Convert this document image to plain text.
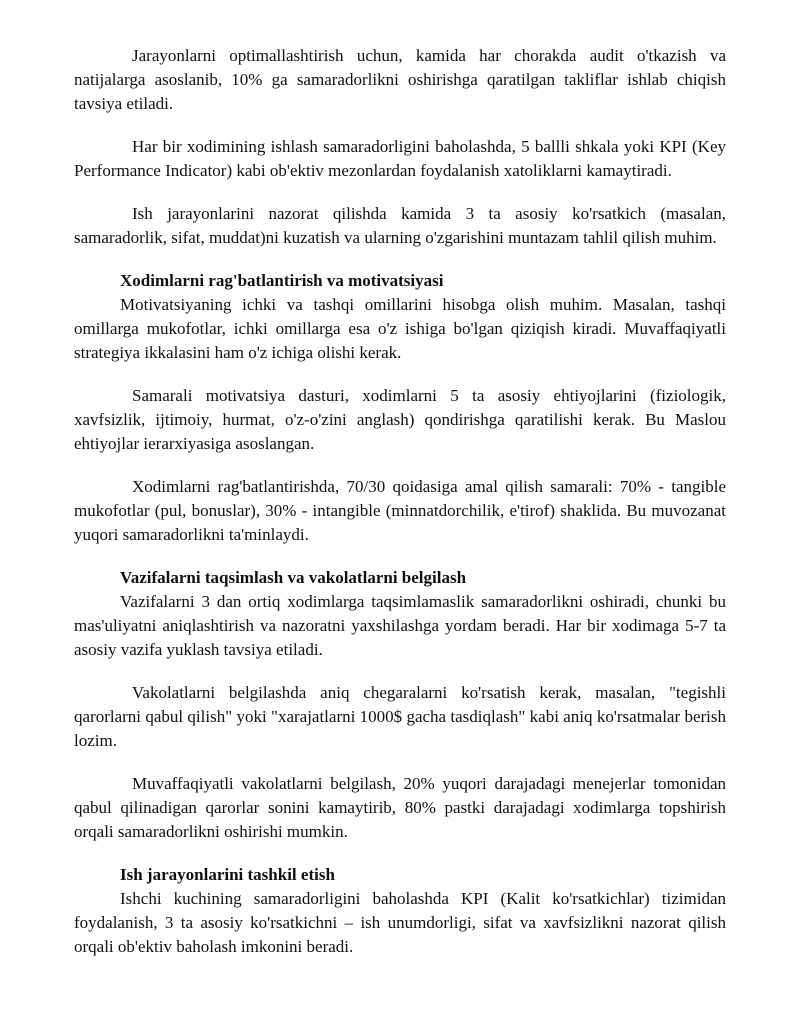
Jarayonlarni optimallashtirish uchun, kamida har chorakda audit o'tkazish va natijalarga asoslanib, 10% ga samaradorlikni oshirishga qaratilgan takliflar ishlab chiqish tavsiya etiladi.

Har bir xodimining ishlash samaradorligini baholashda, 5 ballli shkala yoki KPI (Key Performance Indicator) kabi ob'ektiv mezonlardan foydalanish xatoliklarni kamaytiradi.

Ish jarayonlarini nazorat qilishda kamida 3 ta asosiy ko'rsatkich (masalan, samaradorlik, sifat, muddat)ni kuzatish va ularning o'zgarishini muntazam tahlil qilish muhim.

Xodimlarni rag'batlantirish va motivatsiyasi

Motivatsiyaning ichki va tashqi omillarini hisobga olish muhim. Masalan, tashqi omillarga mukofotlar, ichki omillarga esa o'z ishiga bo'lgan qiziqish kiradi. Muvaffaqiyatli strategiya ikkalasini ham o'z ichiga olishi kerak.

Samarali motivatsiya dasturi, xodimlarni 5 ta asosiy ehtiyojlarini (fiziologik, xavfsizlik, ijtimoiy, hurmat, o'z-o'zini anglash) qondirishga qaratilishi kerak. Bu Maslou ehtiyojlar ierarxiyasiga asoslangan.

Xodimlarni rag'batlantirishda, 70/30 qoidasiga amal qilish samarali: 70% - tangible mukofotlar (pul, bonuslar), 30% - intangible (minnatdorchilik, e'tirof) shaklida. Bu muvozanat yuqori samaradorlikni ta'minlaydi.

Vazifalarni taqsimlash va vakolatlarni belgilash

Vazifalarni 3 dan ortiq xodimlarga taqsimlamaslik samaradorlikni oshiradi, chunki bu mas'uliyatni aniqlashtirish va nazoratni yaxshilashga yordam beradi. Har bir xodimaga 5-7 ta asosiy vazifa yuklash tavsiya etiladi.

Vakolatlarni belgilashda aniq chegaralarni ko'rsatish kerak, masalan, "tegishli qarorlarni qabul qilish" yoki "xarajatlarni 1000$ gacha tasdiqlash" kabi aniq ko'rsatmalar berish lozim.

Muvaffaqiyatli vakolatlarni belgilash, 20% yuqori darajadagi menejerlar tomonidan qabul qilinadigan qarorlar sonini kamaytirib, 80% pastki darajadagi xodimlarga topshirish orqali samaradorlikni oshirishi mumkin.

Ish jarayonlarini tashkil etish

Ishchi kuchining samaradorligini baholashda KPI (Kalit ko'rsatkichlar) tizimidan foydalanish, 3 ta asosiy ko'rsatkichni – ish unumdorligi, sifat va xavfsizlikni nazorat qilish orqali ob'ektiv baholash imkonini beradi.
